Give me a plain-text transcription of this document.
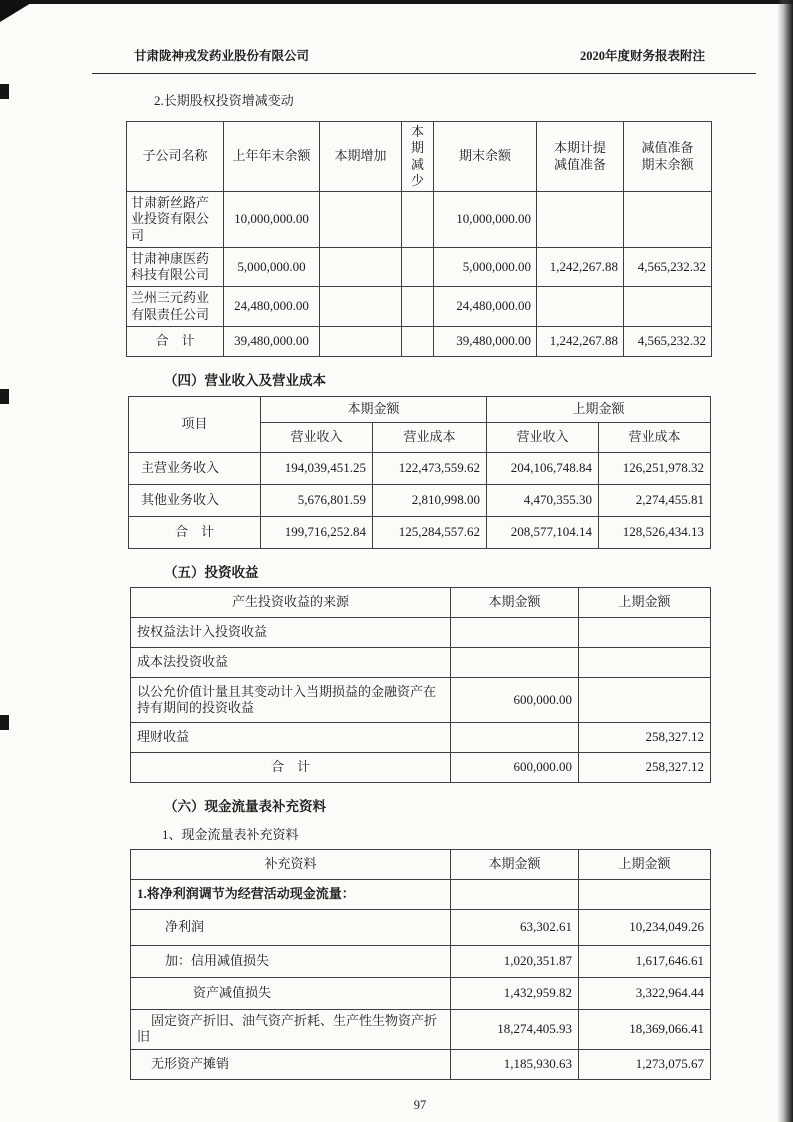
甘肃陇神戎发药业股份有限公司	2020年度财务报表附注
2.长期股权投资增减变动
子公司名称	上年年末余额	本期增加	本期减少	期末余额	本期计提减值准备	减值准备期末余额
甘肃新丝路产业投资有限公司	10,000,000.00			10,000,000.00		
甘肃神康医药科技有限公司	5,000,000.00			5,000,000.00	1,242,267.88	4,565,232.32
兰州三元药业有限责任公司	24,480,000.00			24,480,000.00		
合　计	39,480,000.00			39,480,000.00	1,242,267.88	4,565,232.32
（四）营业收入及营业成本
项目	本期金额		上期金额	
	营业收入	营业成本	营业收入	营业成本
主营业务收入	194,039,451.25	122,473,559.62	204,106,748.84	126,251,978.32
其他业务收入	5,676,801.59	2,810,998.00	4,470,355.30	2,274,455.81
合　计	199,716,252.84	125,284,557.62	208,577,104.14	128,526,434.13
（五）投资收益
产生投资收益的来源	本期金额	上期金额
按权益法计入投资收益		
成本法投资收益		
以公允价值计量且其变动计入当期损益的金融资产在持有期间的投资收益	600,000.00	
理财收益		258,327.12
合　计	600,000.00	258,327.12
（六）现金流量表补充资料
1、现金流量表补充资料
补充资料	本期金额	上期金额
1.将净利润调节为经营活动现金流量：		
净利润	63,302.61	10,234,049.26
加：信用减值损失	1,020,351.87	1,617,646.61
资产减值损失	1,432,959.82	3,322,964.44
固定资产折旧、油气资产折耗、生产性生物资产折旧	18,274,405.93	18,369,066.41
无形资产摊销	1,185,930.63	1,273,075.67
97
